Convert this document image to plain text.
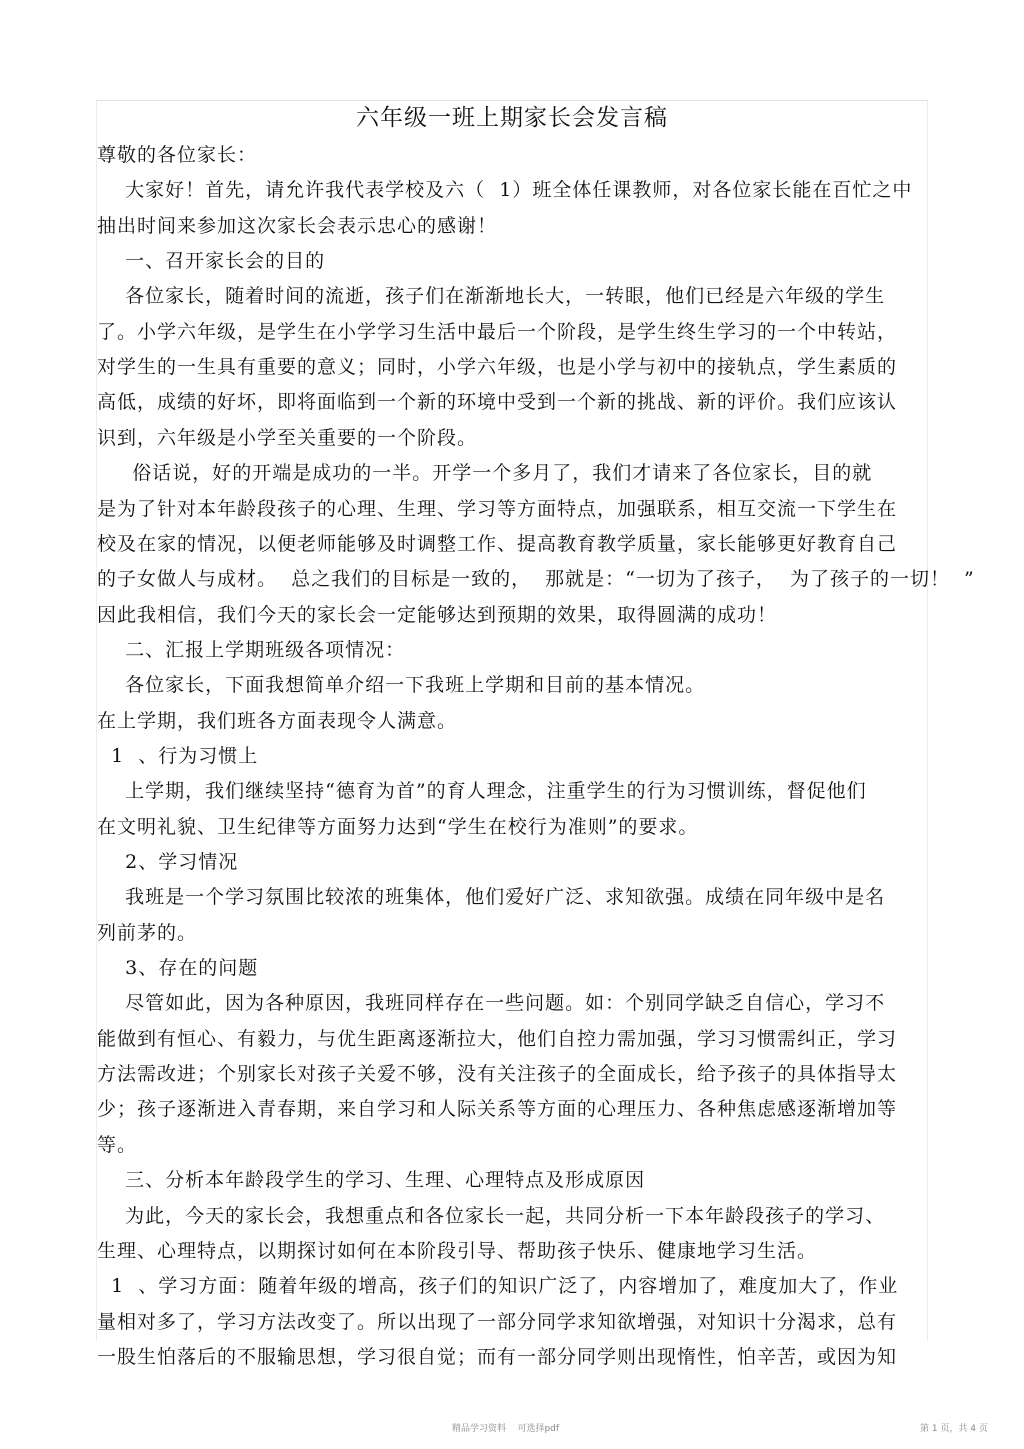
六年级一班上期家长会发言稿
尊敬的各位家长：
大家好！首先，请允许我代表学校及六（  1）班全体任课教师，对各位家长能在百忙之中
抽出时间来参加这次家长会表示忠心的感谢！
一、召开家长会的目的
各位家长，随着时间的流逝，孩子们在渐渐地长大，一转眼，他们已经是六年级的学生
了。小学六年级，是学生在小学学习生活中最后一个阶段，是学生终生学习的一个中转站，
对学生的一生具有重要的意义；同时，小学六年级，也是小学与初中的接轨点，学生素质的
高低，成绩的好坏，即将面临到一个新的环境中受到一个新的挑战、新的评价。我们应该认
识到，六年级是小学至关重要的一个阶段。
俗话说，好的开端是成功的一半。开学一个多月了，我们才请来了各位家长，目的就
是为了针对本年龄段孩子的心理、生理、学习等方面特点，加强联系，相互交流一下学生在
校及在家的情况，以便老师能够及时调整工作、提高教育教学质量，家长能够更好教育自己
的子女做人与成材。  总之我们的目标是一致的，  那就是：“一切为了孩子，  为了孩子的一切！  ”
因此我相信，我们今天的家长会一定能够达到预期的效果，取得圆满的成功！
二、汇报上学期班级各项情况：
各位家长，下面我想简单介绍一下我班上学期和目前的基本情况。
在上学期，我们班各方面表现令人满意。
1  、行为习惯上
上学期，我们继续坚持“德育为首”的育人理念，注重学生的行为习惯训练，督促他们
在文明礼貌、卫生纪律等方面努力达到“学生在校行为准则”的要求。
2、学习情况
我班是一个学习氛围比较浓的班集体，他们爱好广泛、求知欲强。成绩在同年级中是名
列前茅的。
3、存在的问题
尽管如此，因为各种原因，我班同样存在一些问题。如：个别同学缺乏自信心，学习不
能做到有恒心、有毅力，与优生距离逐渐拉大，他们自控力需加强，学习习惯需纠正，学习
方法需改进；个别家长对孩子关爱不够，没有关注孩子的全面成长，给予孩子的具体指导太
少；孩子逐渐进入青春期，来自学习和人际关系等方面的心理压力、各种焦虑感逐渐增加等
等。
三、分析本年龄段学生的学习、生理、心理特点及形成原因
为此，今天的家长会，我想重点和各位家长一起，共同分析一下本年龄段孩子的学习、
生理、心理特点，以期探讨如何在本阶段引导、帮助孩子快乐、健康地学习生活。
1  、学习方面：随着年级的增高，孩子们的知识广泛了，内容增加了，难度加大了，作业
量相对多了，学习方法改变了。所以出现了一部分同学求知欲增强，对知识十分渴求，总有
一股生怕落后的不服输思想，学习很自觉；而有一部分同学则出现惰性，怕辛苦，或因为知
精品学习资料    可选择pdf	第 1 页，共 4 页
